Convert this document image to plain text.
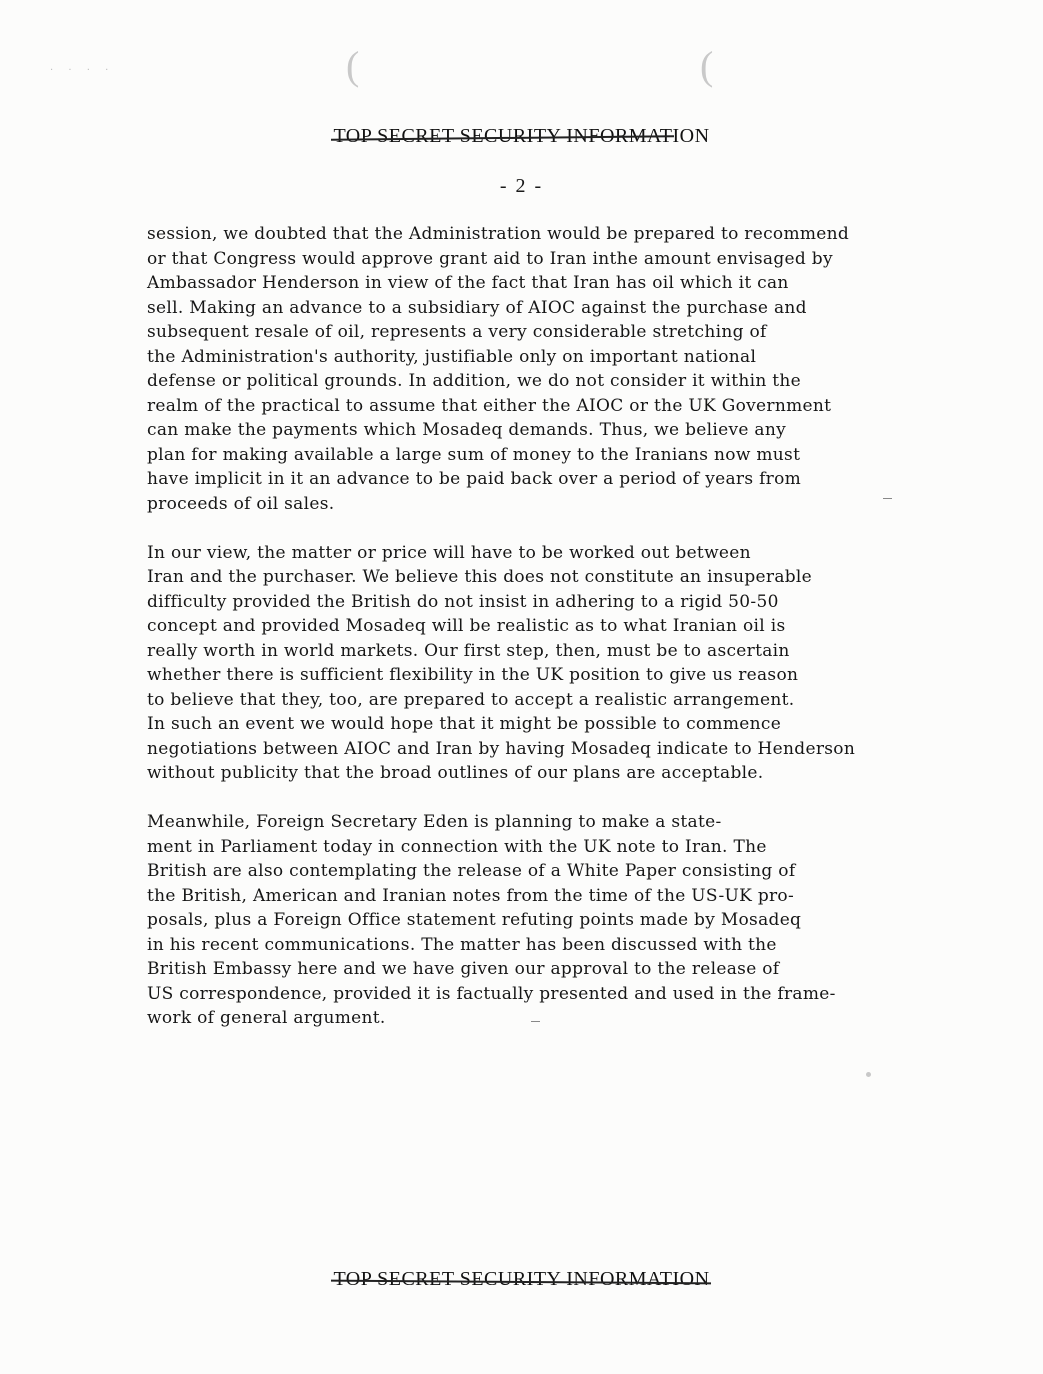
. . . .	(	(
TOP SECRET SECURITY INFORMATION
- 2 -

session, we doubted that the Administration would be prepared to recommend
or that Congress would approve grant aid to Iran inthe amount envisaged by
Ambassador Henderson in view of the fact that Iran has oil which it can
sell. Making an advance to a subsidiary of AIOC against the purchase and
subsequent resale of oil, represents a very considerable stretching of
the Administration's authority, justifiable only on important national
defense or political grounds. In addition, we do not consider it within the
realm of the practical to assume that either the AIOC or the UK Government
can make the payments which Mosadeq demands. Thus, we believe any
plan for making available a large sum of money to the Iranians now must
have implicit in it an advance to be paid back over a period of years from
proceeds of oil sales.

In our view, the matter or price will have to be worked out between
Iran and the purchaser. We believe this does not constitute an insuperable
difficulty provided the British do not insist in adhering to a rigid 50-50
concept and provided Mosadeq will be realistic as to what Iranian oil is
really worth in world markets. Our first step, then, must be to ascertain
whether there is sufficient flexibility in the UK position to give us reason
to believe that they, too, are prepared to accept a realistic arrangement.
In such an event we would hope that it might be possible to commence
negotiations between AIOC and Iran by having Mosadeq indicate to Henderson
without publicity that the broad outlines of our plans are acceptable.

Meanwhile, Foreign Secretary Eden is planning to make a state-
ment in Parliament today in connection with the UK note to Iran. The
British are also contemplating the release of a White Paper consisting of
the British, American and Iranian notes from the time of the US-UK pro-
posals, plus a Foreign Office statement refuting points made by Mosadeq
in his recent communications. The matter has been discussed with the
British Embassy here and we have given our approval to the release of
US correspondence, provided it is factually presented and used in the frame-
work of general argument.

TOP SECRET SECURITY INFORMATION
